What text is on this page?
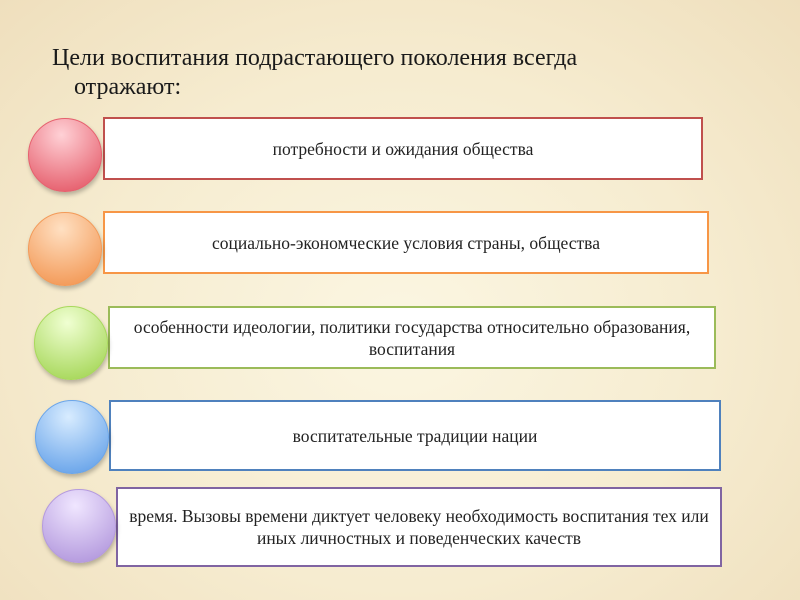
Цели воспитания подрастающего поколения всегда
отражают:
потребности и ожидания общества
социально-экономческие условия страны, общества
особенности идеологии, политики государства относительно образования, воспитания
воспитательные традиции нации
время. Вызовы времени диктует человеку необходимость воспитания тех или иных личностных и поведенческих качеств
